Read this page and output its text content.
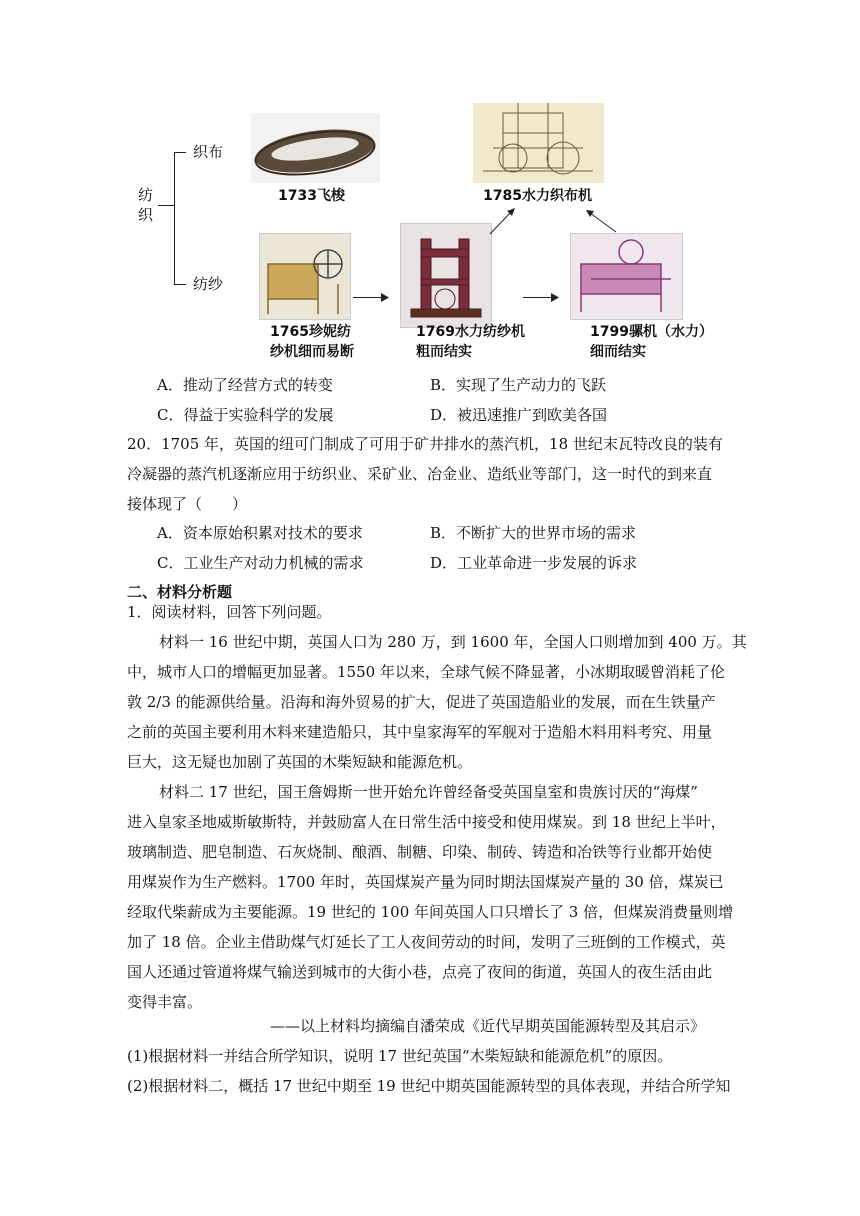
纺
织
织布
纺纱
1733飞梭	1785水力织布机
1765珍妮纺
纱机细而易断
1769水力纺纱机
粗而结实
1799骡机（水力）
细而结实
A．推动了经营方式的转变	B．实现了生产动力的飞跃
C．得益于实验科学的发展	D．被迅速推广到欧美各国
20．1705 年，英国的纽可门制成了可用于矿井排水的蒸汽机，18 世纪末瓦特改良的装有
冷凝器的蒸汽机逐渐应用于纺织业、采矿业、冶金业、造纸业等部门，这一时代的到来直
接体现了（　　）
A．资本原始积累对技术的要求	B．不断扩大的世界市场的需求
C．工业生产对动力机械的需求	D．工业革命进一步发展的诉求
二、材料分析题
1．阅读材料，回答下列问题。

材料一 16 世纪中期，英国人口为 280 万，到 1600 年，全国人口则增加到 400 万。其

中，城市人口的增幅更加显著。1550 年以来，全球气候不降显著，小冰期取暖曾消耗了伦

敦 2/3 的能源供给量。沿海和海外贸易的扩大，促进了英国造船业的发展，而在生铁量产

之前的英国主要利用木料来建造船只，其中皇家海军的军舰对于造船木料用料考究、用量

巨大，这无疑也加剧了英国的木柴短缺和能源危机。

材料二 17 世纪，国王詹姆斯一世开始允许曾经备受英国皇室和贵族讨厌的“海煤”

进入皇家圣地威斯敏斯特，并鼓励富人在日常生活中接受和使用煤炭。到 18 世纪上半叶，

玻璃制造、肥皂制造、石灰烧制、酿酒、制糖、印染、制砖、铸造和冶铁等行业都开始使

用煤炭作为生产燃料。1700 年时，英国煤炭产量为同时期法国煤炭产量的 30 倍，煤炭已

经取代柴薪成为主要能源。19 世纪的 100 年间英国人口只增长了 3 倍，但煤炭消费量则增

加了 18 倍。企业主借助煤气灯延长了工人夜间劳动的时间，发明了三班倒的工作模式，英

国人还通过管道将煤气输送到城市的大街小巷，点亮了夜间的街道，英国人的夜生活由此

变得丰富。

——以上材料均摘编自潘荣成《近代早期英国能源转型及其启示》
(1)根据材料一并结合所学知识，说明 17 世纪英国“木柴短缺和能源危机”的原因。
(2)根据材料二，概括 17 世纪中期至 19 世纪中期英国能源转型的具体表现，并结合所学知
